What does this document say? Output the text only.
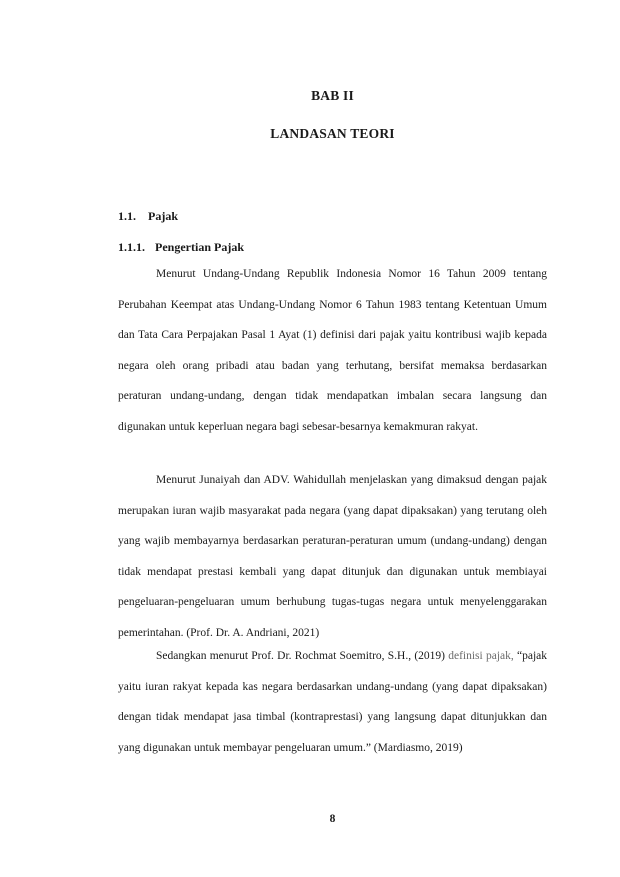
BAB II
LANDASAN TEORI
1.1. Pajak
1.1.1. Pengertian Pajak

Menurut Undang-Undang Republik Indonesia Nomor 16 Tahun 2009 tentang Perubahan Keempat atas Undang-Undang Nomor 6 Tahun 1983 tentang Ketentuan Umum dan Tata Cara Perpajakan Pasal 1 Ayat (1) definisi dari pajak yaitu kontribusi wajib kepada negara oleh orang pribadi atau badan yang terhutang, bersifat memaksa berdasarkan peraturan undang-undang, dengan tidak mendapatkan imbalan secara langsung dan digunakan untuk keperluan negara bagi sebesar-besarnya kemakmuran rakyat.

Menurut Junaiyah dan ADV. Wahidullah menjelaskan yang dimaksud dengan pajak merupakan iuran wajib masyarakat pada negara (yang dapat dipaksakan) yang terutang oleh yang wajib membayarnya berdasarkan peraturan-peraturan umum (undang-undang) dengan tidak mendapat prestasi kembali yang dapat ditunjuk dan digunakan untuk membiayai pengeluaran-pengeluaran umum berhubung tugas-tugas negara untuk menyelenggarakan pemerintahan. (Prof. Dr. A. Andriani, 2021)

Sedangkan menurut Prof. Dr. Rochmat Soemitro, S.H., (2019) definisi pajak, “pajak yaitu iuran rakyat kepada kas negara berdasarkan undang-undang (yang dapat dipaksakan) dengan tidak mendapat jasa timbal (kontraprestasi) yang langsung dapat ditunjukkan dan yang digunakan untuk membayar pengeluaran umum.” (Mardiasmo, 2019)

8
